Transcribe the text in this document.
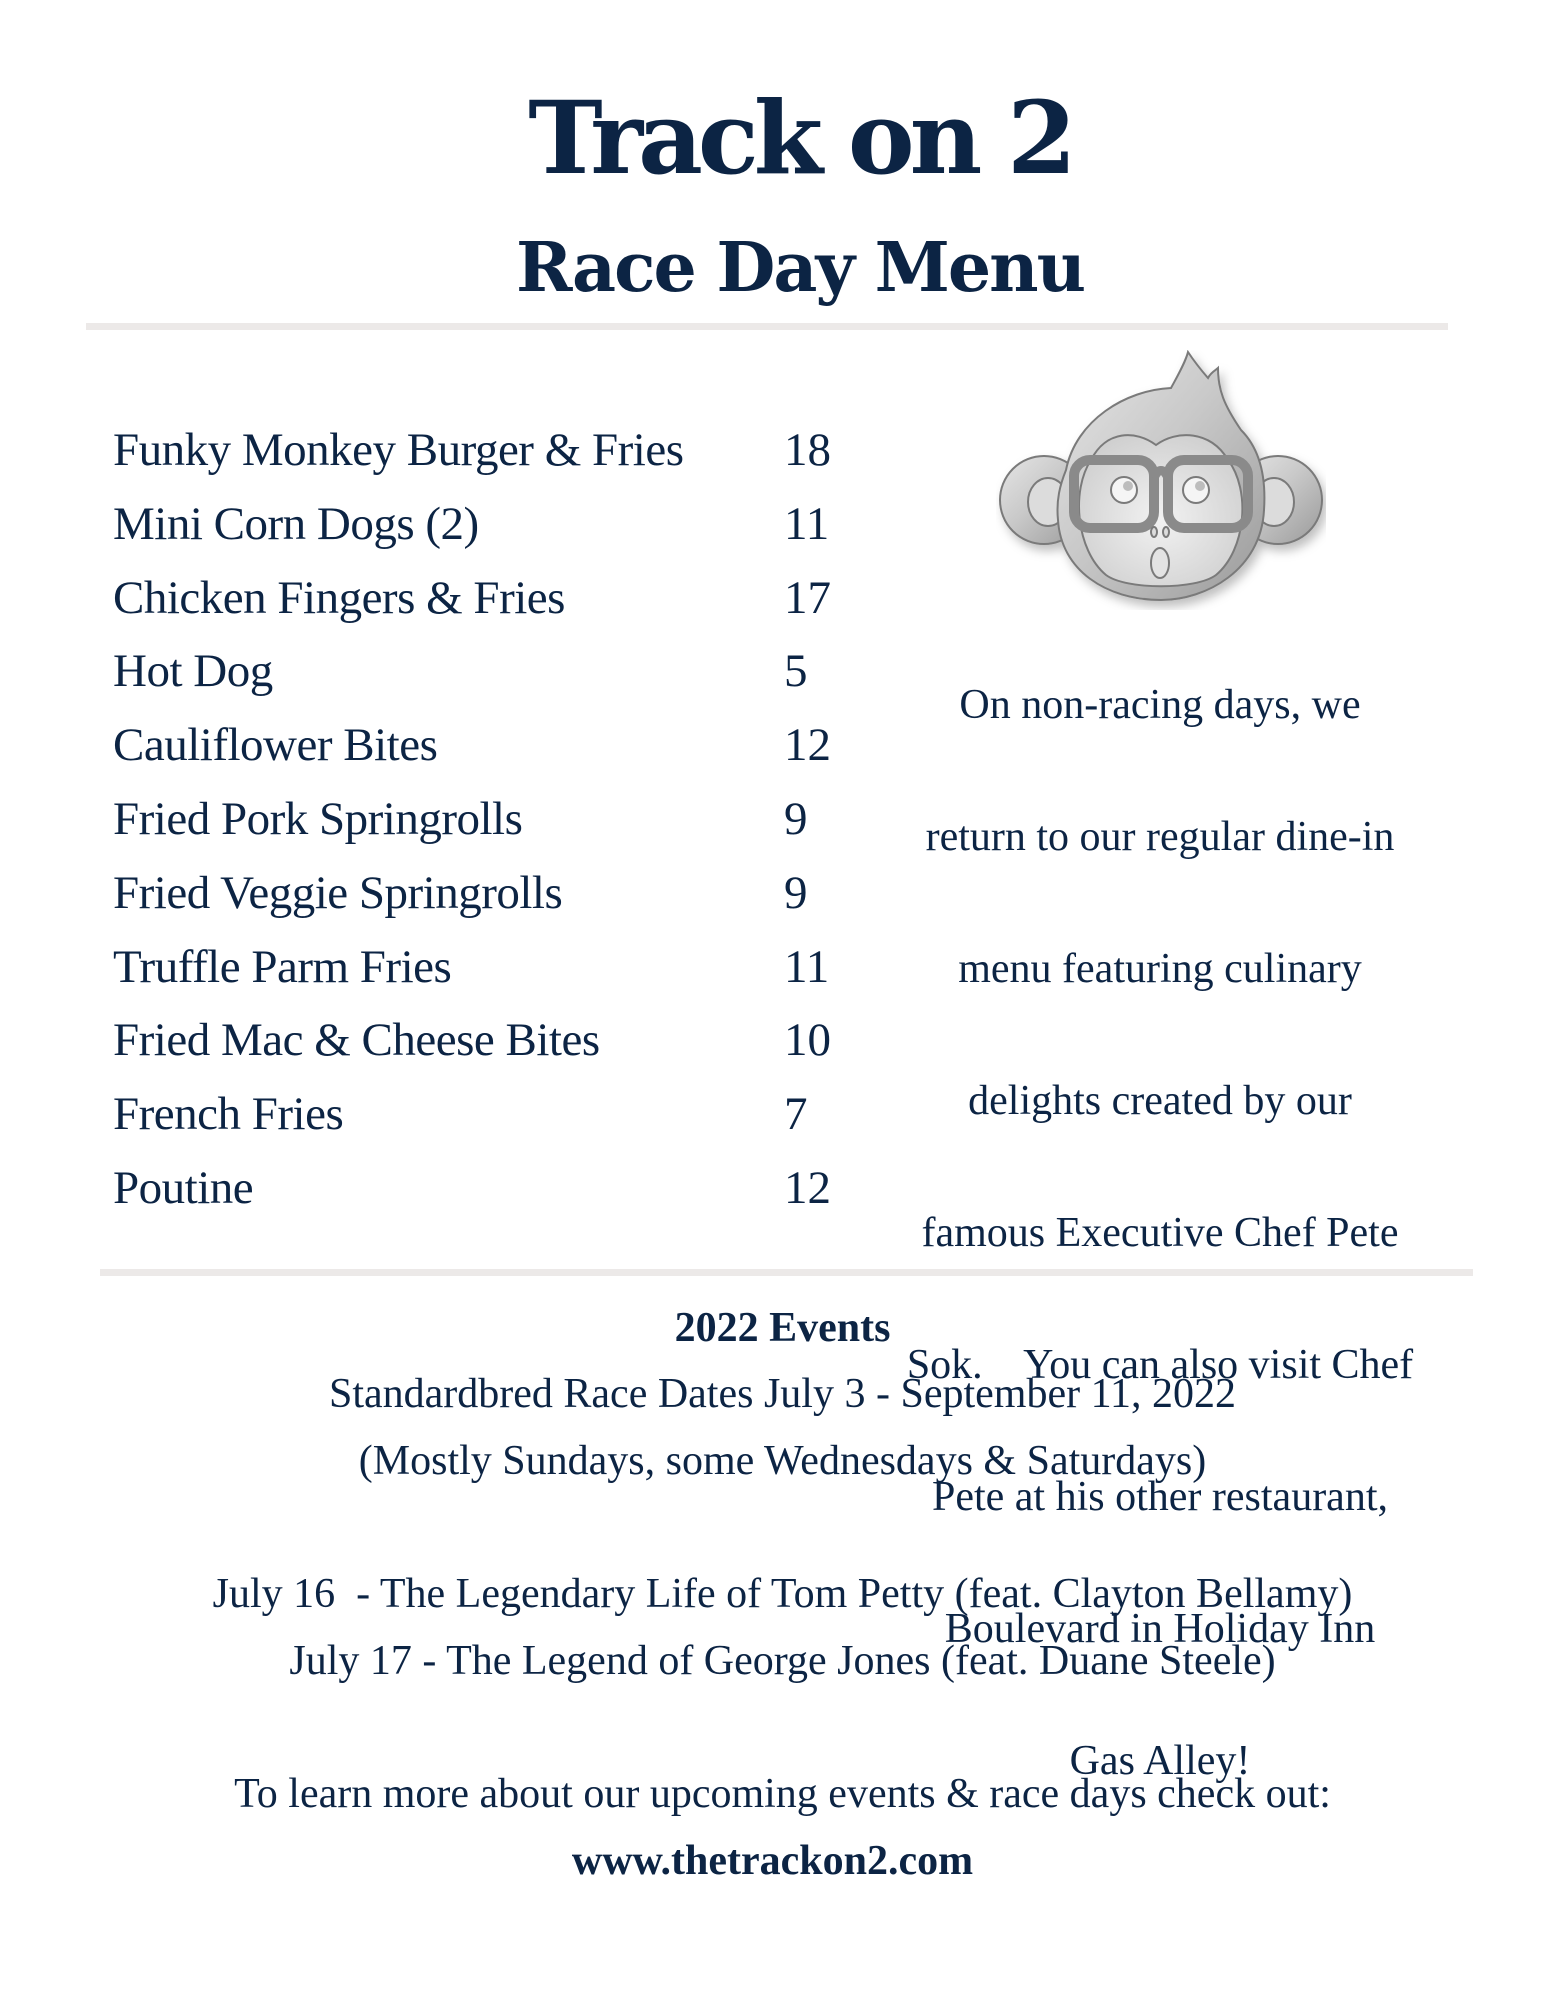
Track on 2
Race Day Menu
Funky Monkey Burger & Fries 18
Mini Corn Dogs (2)	11
Chicken Fingers & Fries	17
Hot Dog	5
Cauliflower Bites	12
Fried Pork Springrolls	9
Fried Veggie Springrolls	9
Truffle Parm Fries	11
Fried Mac & Cheese Bites	10
French Fries	7
Poutine	12

On non-racing days, we

return to our regular dine-in

menu featuring culinary

delights created by our

famous Executive Chef Pete

Sok.    You can also visit Chef

Pete at his other restaurant,

Boulevard in Holiday Inn

Gas Alley!

2022 Events

Standardbred Race Dates July 3 - September 11, 2022

(Mostly Sundays, some Wednesdays & Saturdays)

July 16  - The Legendary Life of Tom Petty (feat. Clayton Bellamy)

July 17 - The Legend of George Jones (feat. Duane Steele)

To learn more about our upcoming events & race days check out:

www.thetrackon2.com
